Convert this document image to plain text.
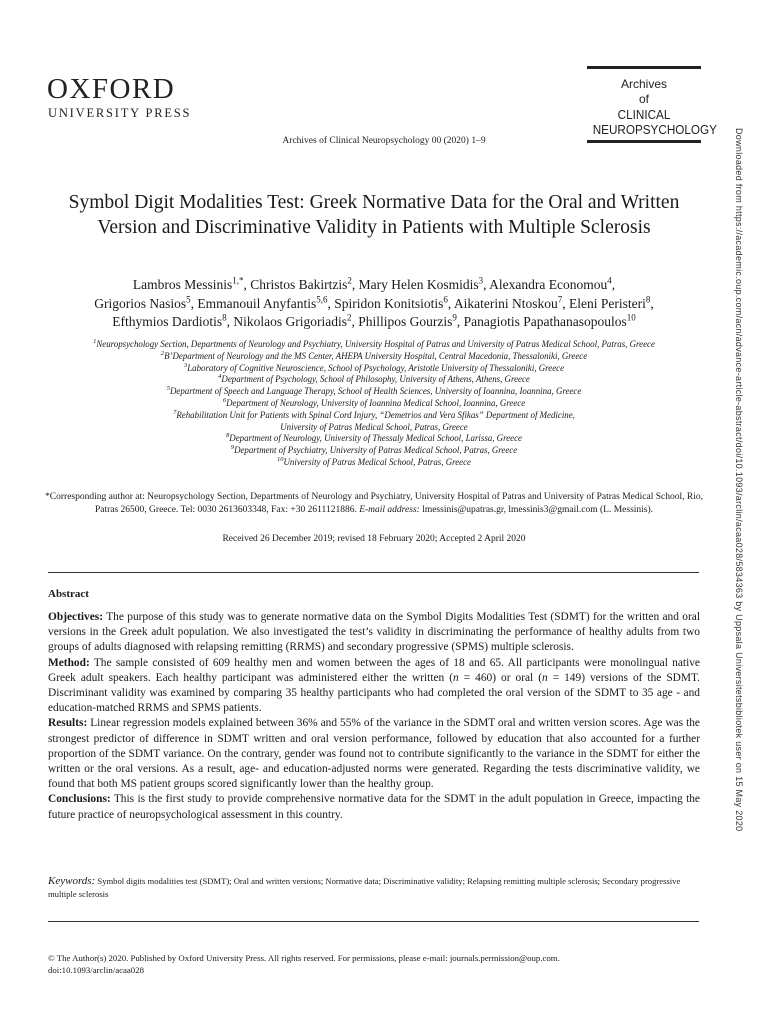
OXFORD
UNIVERSITY PRESS
Archives
of
CLINICAL
NEUROPSYCHOLOGY
Archives of Clinical Neuropsychology 00 (2020) 1–9	Downloaded from https://academic.oup.com/acn/advance-article-abstract/doi/10.1093/arclin/acaa028/5834363 by Uppsala Universitetsbibliotek user on 15 May 2020
Symbol Digit Modalities Test: Greek Normative Data for the Oral and Written Version and Discriminative Validity in Patients with Multiple Sclerosis
Lambros Messinis$^{1,*}$, Christos Bakirtzis$^2$, Mary Helen Kosmidis$^3$, Alexandra Economou$^4$,
Grigorios Nasios$^5$, Emmanouil Anyfantis$^{5,6}$, Spiridon Konitsiotis$^6$, Aikaterini Ntoskou$^7$, Eleni Peristeri$^8$,
Efthymios Dardiotis$^8$, Nikolaos Grigoriadis$^2$, Phillipos Gourzis$^9$, Panagiotis Papathanasopoulos$^{10}$
$^1$Neuropsychology Section, Departments of Neurology and Psychiatry, University Hospital of Patras and University of Patras Medical School, Patras, Greece
$^2$B’Department of Neurology and the MS Center, AHEPA University Hospital, Central Macedonia, Thessaloniki, Greece
$^3$Laboratory of Cognitive Neuroscience, School of Psychology, Aristotle University of Thessaloniki, Greece
$^4$Department of Psychology, School of Philosophy, University of Athens, Athens, Greece
$^5$Department of Speech and Language Therapy, School of Health Sciences, University of Ioannina, Ioannina, Greece
$^6$Department of Neurology, University of Ioannina Medical School, Ioannina, Greece
$^7$Rehabilitation Unit for Patients with Spinal Cord Injury, “Demetrios and Vera Sfikas” Department of Medicine,
University of Patras Medical School, Patras, Greece
$^8$Department of Neurology, University of Thessaly Medical School, Larissa, Greece
$^9$Department of Psychiatry, University of Patras Medical School, Patras, Greece
$^{10}$University of Patras Medical School, Patras, Greece
*Corresponding author at: Neuropsychology Section, Departments of Neurology and Psychiatry, University Hospital of Patras and University of Patras Medical School, Rio, Patras 26500, Greece. Tel: 0030 2613603348, Fax: +30 2611121886. E-mail address: lmessinis@upatras.gr, lmessinis3@gmail.com (L. Messinis).
Received 26 December 2019; revised 18 February 2020; Accepted 2 April 2020
Abstract

Objectives: The purpose of this study was to generate normative data on the Symbol Digits Modalities Test (SDMT) for the written and oral versions in the Greek adult population. We also investigated the test’s validity in discriminating the performance of healthy adults from two groups of adults diagnosed with relapsing remitting (RRMS) and secondary progressive (SPMS) multiple sclerosis.

Method: The sample consisted of 609 healthy men and women between the ages of 18 and 65. All participants were monolingual native Greek adult speakers. Each healthy participant was administered either the written (n = 460) or oral (n = 149) versions of the SDMT. Discriminant validity was examined by comparing 35 healthy participants who had completed the oral version of the SDMT to 35 age - and education-matched RRMS and SPMS patients.

Results: Linear regression models explained between 36% and 55% of the variance in the SDMT oral and written version scores. Age was the strongest predictor of difference in SDMT written and oral version performance, followed by education that also accounted for a further proportion of the SDMT variance. On the contrary, gender was found not to contribute significantly to the variance in the SDMT for either the written or the oral versions. As a result, age- and education-adjusted norms were generated. Regarding the tests discriminative validity, we found that both MS patient groups scored significantly lower than the healthy group.

Conclusions: This is the first study to provide comprehensive normative data for the SDMT in the adult population in Greece, impacting the future practice of neuropsychological assessment in this country.

Keywords: Symbol digits modalities test (SDMT); Oral and written versions; Normative data; Discriminative validity; Relapsing remitting multiple sclerosis; Secondary progressive multiple sclerosis
© The Author(s) 2020. Published by Oxford University Press. All rights reserved. For permissions, please e-mail: journals.permission@oup.com.
doi:10.1093/arclin/acaa028
